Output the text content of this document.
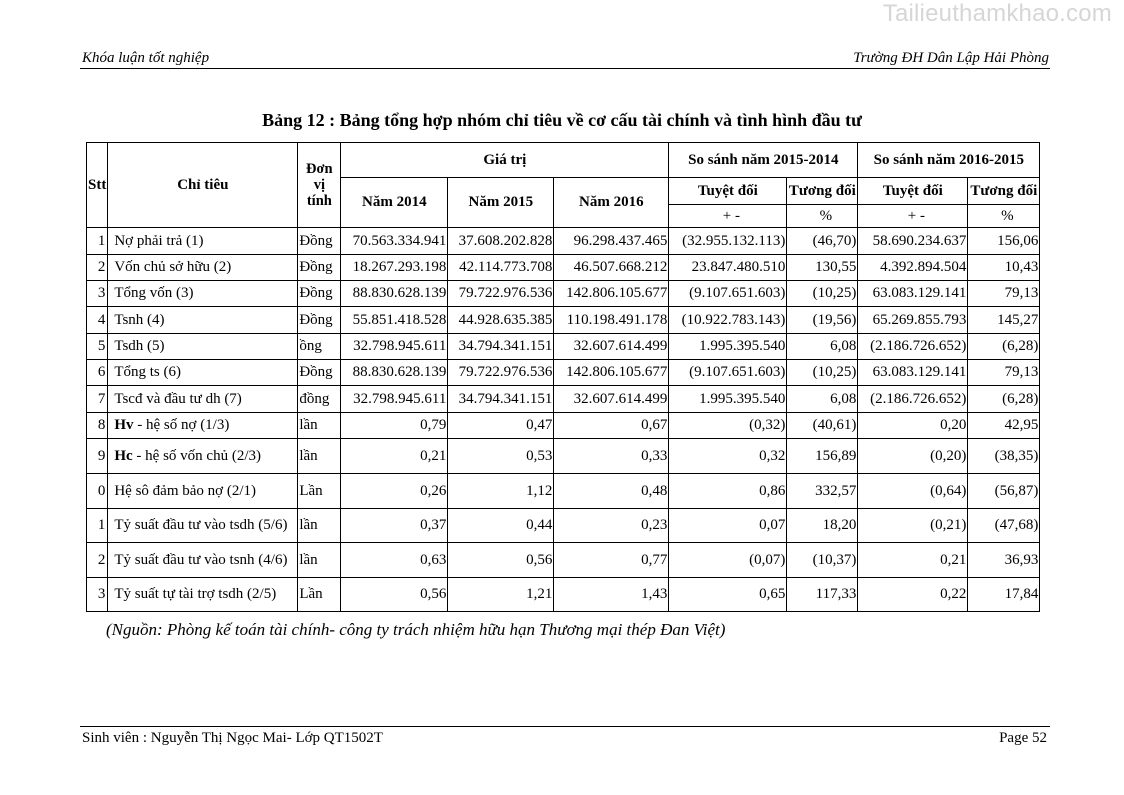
Tailieuthamkhao.com
Khóa luận tốt nghiệp	Trường ĐH Dân Lập Hải Phòng
Bảng 12 : Bảng tổng hợp nhóm chỉ tiêu về cơ cấu tài chính và tình hình đầu tư
Stt	Chỉ tiêu	Đơn
vị
tính	Giá trị			So sánh năm 2015-2014		So sánh năm 2016-2015	
			Năm 2014	Năm 2015	Năm 2016	Tuyệt đối	Tương đối	Tuyệt đối	Tương đối
						+ -	%	+ -	%
1	Nợ phải trả (1)	Đồng	70.563.334.941	37.608.202.828	96.298.437.465	(32.955.132.113)	(46,70)	58.690.234.637	156,06
2	Vốn chủ sở hữu (2)	Đồng	18.267.293.198	42.114.773.708	46.507.668.212	23.847.480.510	130,55	4.392.894.504	10,43
3	Tổng vốn (3)	Đồng	88.830.628.139	79.722.976.536	142.806.105.677	(9.107.651.603)	(10,25)	63.083.129.141	79,13
4	Tsnh (4)	Đồng	55.851.418.528	44.928.635.385	110.198.491.178	(10.922.783.143)	(19,56)	65.269.855.793	145,27
5	Tsdh (5)	ồng	32.798.945.611	34.794.341.151	32.607.614.499	1.995.395.540	6,08	(2.186.726.652)	(6,28)
6	Tổng ts (6)	Đồng	88.830.628.139	79.722.976.536	142.806.105.677	(9.107.651.603)	(10,25)	63.083.129.141	79,13
7	Tscđ và đầu tư dh (7)	đồng	32.798.945.611	34.794.341.151	32.607.614.499	1.995.395.540	6,08	(2.186.726.652)	(6,28)
8	Hv - hệ số nợ (1/3)	lần	0,79	0,47	0,67	(0,32)	(40,61)	0,20	42,95
9	Hc - hệ số vốn chủ (2/3)	lần	0,21	0,53	0,33	0,32	156,89	(0,20)	(38,35)
0	Hệ sô đảm bảo nợ (2/1)	Lần	0,26	1,12	0,48	0,86	332,57	(0,64)	(56,87)
1	Tỷ suất đầu tư vào tsdh (5/6)	lần	0,37	0,44	0,23	0,07	18,20	(0,21)	(47,68)
2	Tỷ suất đầu tư vào tsnh (4/6)	lần	0,63	0,56	0,77	(0,07)	(10,37)	0,21	36,93
3	Tỷ suất tự tài trợ tsdh (2/5)	Lần	0,56	1,21	1,43	0,65	117,33	0,22	17,84
(Nguồn: Phòng kế toán tài chính- công ty trách nhiệm hữu hạn Thương mại thép Đan Việt)
Sinh viên : Nguyễn Thị Ngọc Mai- Lớp QT1502T	Page 52
